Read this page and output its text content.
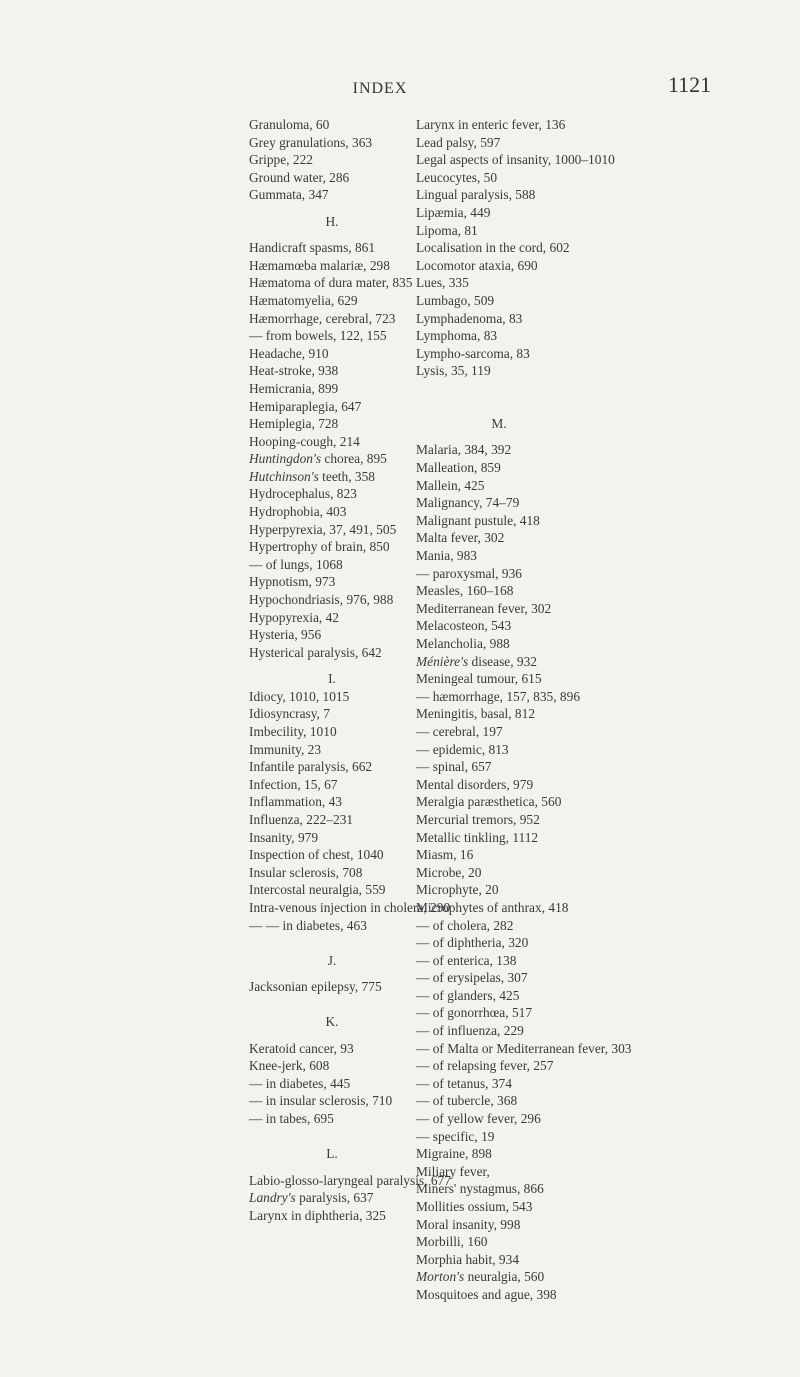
INDEX	1121
Granuloma, 60
Grey granulations, 363
Grippe, 222
Ground water, 286
Gummata, 347
H.
Handicraft spasms, 861
Hæmamœba malariæ, 298
Hæmatoma of dura mater, 835
Hæmatomyelia, 629
Hæmorrhage, cerebral, 723
— from bowels, 122, 155
Headache, 910
Heat-stroke, 938
Hemicrania, 899
Hemiparaplegia, 647
Hemiplegia, 728
Hooping-cough, 214
Huntingdon's chorea, 895
Hutchinson's teeth, 358
Hydrocephalus, 823
Hydrophobia, 403
Hyperpyrexia, 37, 491, 505
Hypertrophy of brain, 850
— of lungs, 1068
Hypnotism, 973
Hypochondriasis, 976, 988
Hypopyrexia, 42
Hysteria, 956
Hysterical paralysis, 642
I.
Idiocy, 1010, 1015
Idiosyncrasy, 7
Imbecility, 1010
Immunity, 23
Infantile paralysis, 662
Infection, 15, 67
Inflammation, 43
Influenza, 222–231
Insanity, 979
Inspection of chest, 1040
Insular sclerosis, 708
Intercostal neuralgia, 559
Intra-venous injection in cholera, 290
— — in diabetes, 463
J.
Jacksonian epilepsy, 775
K.
Keratoid cancer, 93
Knee-jerk, 608
— in diabetes, 445
— in insular sclerosis, 710
— in tabes, 695
L.
Labio-glosso-laryngeal paralysis, 677
Landry's paralysis, 637
Larynx in diphtheria, 325
Larynx in enteric fever, 136
Lead palsy, 597
Legal aspects of insanity, 1000–1010
Leucocytes, 50
Lingual paralysis, 588
Lipæmia, 449
Lipoma, 81
Localisation in the cord, 602
Locomotor ataxia, 690
Lues, 335
Lumbago, 509
Lymphadenoma, 83
Lymphoma, 83
Lympho-sarcoma, 83
Lysis, 35, 119
M.
Malaria, 384, 392
Malleation, 859
Mallein, 425
Malignancy, 74–79
Malignant pustule, 418
Malta fever, 302
Mania, 983
— paroxysmal, 936
Measles, 160–168
Mediterranean fever, 302
Melacosteon, 543
Melancholia, 988
Ménière's disease, 932
Meningeal tumour, 615
— hæmorrhage, 157, 835, 896
Meningitis, basal, 812
— cerebral, 197
— epidemic, 813
— spinal, 657
Mental disorders, 979
Meralgia paræsthetica, 560
Mercurial tremors, 952
Metallic tinkling, 1112
Miasm, 16
Microbe, 20
Microphyte, 20
Microphytes of anthrax, 418
— of cholera, 282
— of diphtheria, 320
— of enterica, 138
— of erysipelas, 307
— of glanders, 425
— of gonorrhœa, 517
— of influenza, 229
— of Malta or Mediterranean fever, 303
— of relapsing fever, 257
— of tetanus, 374
— of tubercle, 368
— of yellow fever, 296
— specific, 19
Migraine, 898
Miliary fever,
Miners' nystagmus, 866
Mollities ossium, 543
Moral insanity, 998
Morbilli, 160
Morphia habit, 934
Morton's neuralgia, 560
Mosquitoes and ague, 398
